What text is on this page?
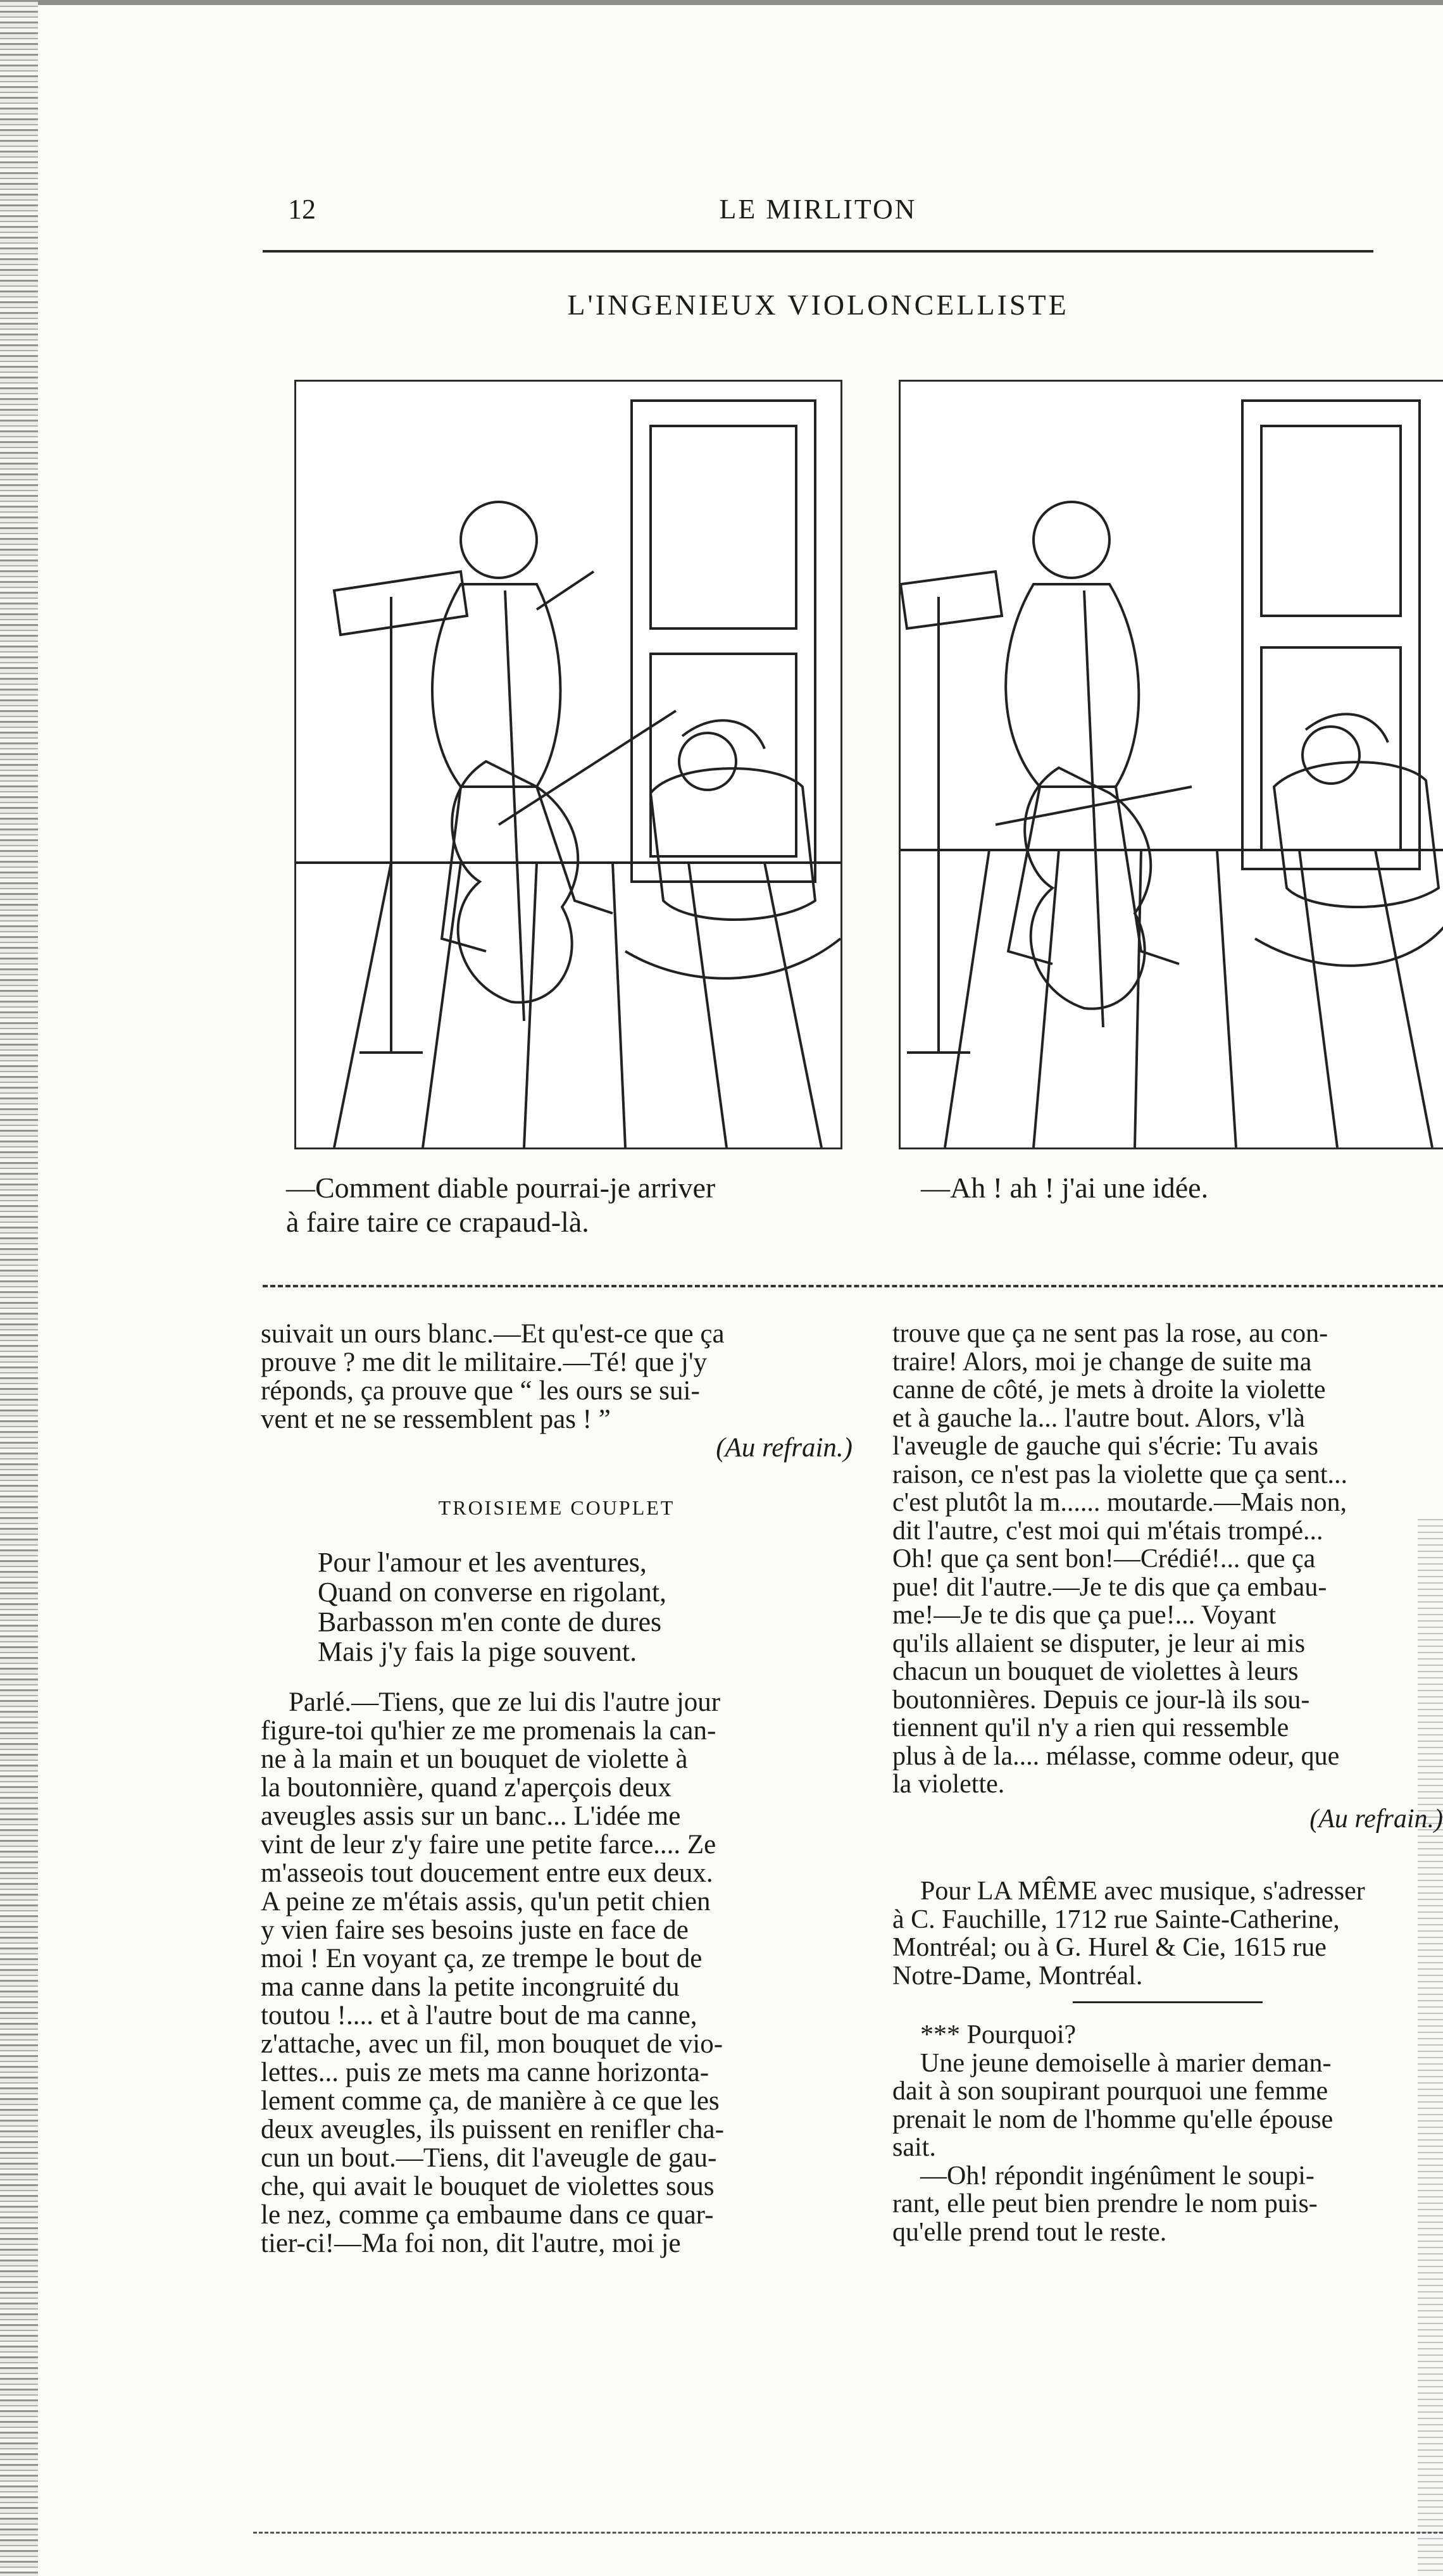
12	LE MIRLITON
L'INGENIEUX VIOLONCELLISTE
—Comment diable pourrai-je arriver
à faire taire ce crapaud-là.
—Ah ! ah ! j'ai une idée.
suivait un ours blanc.—Et qu'est-ce que ça
prouve ? me dit le militaire.—Té! que j'y
réponds, ça prouve que “ les ours se sui-
vent et ne se ressemblent pas ! ”
(Au refrain.)
TROISIEME COUPLET
Pour l'amour et les aventures,
Quand on converse en rigolant,
Barbasson m'en conte de dures
Mais j'y fais la pige souvent.
Parlé.—Tiens, que ze lui dis l'autre jour
figure-toi qu'hier ze me promenais la can-
ne à la main et un bouquet de violette à
la boutonnière, quand z'aperçois deux
aveugles assis sur un banc... L'idée me
vint de leur z'y faire une petite farce.... Ze
m'asseois tout doucement entre eux deux.
A peine ze m'étais assis, qu'un petit chien
y vien faire ses besoins juste en face de
moi ! En voyant ça, ze trempe le bout de
ma canne dans la petite incongruité du
toutou !.... et à l'autre bout de ma canne,
z'attache, avec un fil, mon bouquet de vio-
lettes... puis ze mets ma canne horizonta-
lement comme ça, de manière à ce que les
deux aveugles, ils puissent en renifler cha-
cun un bout.—Tiens, dit l'aveugle de gau-
che, qui avait le bouquet de violettes sous
le nez, comme ça embaume dans ce quar-
tier-ci!—Ma foi non, dit l'autre, moi je
trouve que ça ne sent pas la rose, au con-
traire! Alors, moi je change de suite ma
canne de côté, je mets à droite la violette
et à gauche la... l'autre bout. Alors, v'là
l'aveugle de gauche qui s'écrie: Tu avais
raison, ce n'est pas la violette que ça sent...
c'est plutôt la m...... moutarde.—Mais non,
dit l'autre, c'est moi qui m'étais trompé...
Oh! que ça sent bon!—Crédié!... que ça
pue! dit l'autre.—Je te dis que ça embau-
me!—Je te dis que ça pue!... Voyant
qu'ils allaient se disputer, je leur ai mis
chacun un bouquet de violettes à leurs
boutonnières. Depuis ce jour-là ils sou-
tiennent qu'il n'y a rien qui ressemble
plus à de la.... mélasse, comme odeur, que
la violette.
(Au refrain.)
Pour LA MÊME avec musique, s'adresser
à C. Fauchille, 1712 rue Sainte-Catherine,
Montréal; ou à G. Hurel & Cie, 1615 rue
Notre-Dame, Montréal.
*** Pourquoi?
Une jeune demoiselle à marier deman-
dait à son soupirant pourquoi une femme
prenait le nom de l'homme qu'elle épouse
sait.
—Oh! répondit ingénûment le soupi-
rant, elle peut bien prendre le nom puis-
qu'elle prend tout le reste.
